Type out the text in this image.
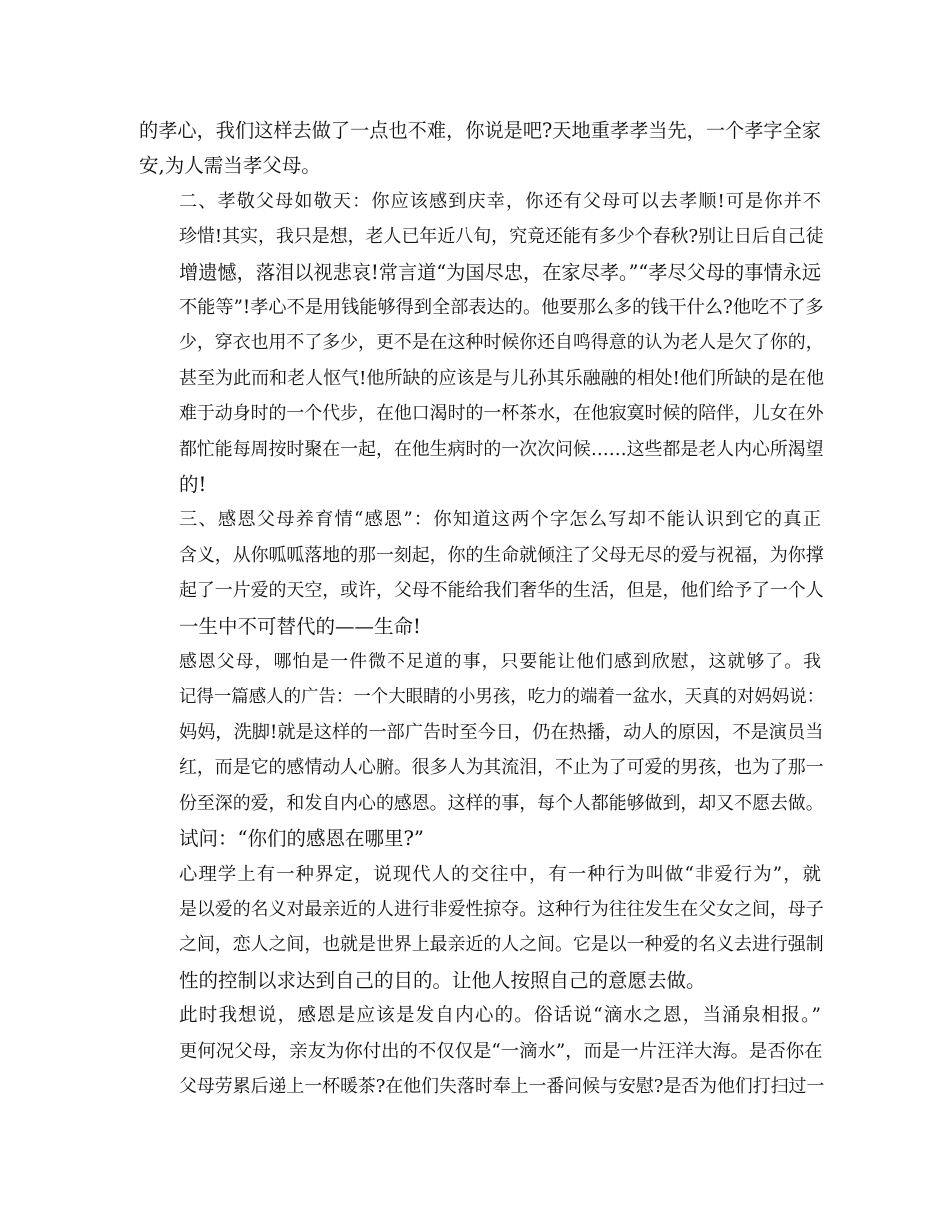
的孝心，我们这样去做了一点也不难，你说是吧?天地重孝孝当先，一个孝字全家
安,为人需当孝父母。

二、孝敬父母如敬天：你应该感到庆幸，你还有父母可以去孝顺!可是你并不
珍惜!其实，我只是想，老人已年近八旬，究竟还能有多少个春秋?别让日后自己徒
增遗憾，落泪以视悲哀!常言道“为国尽忠，在家尽孝。”“孝尽父母的事情永远
不能等”!孝心不是用钱能够得到全部表达的。他要那么多的钱干什么?他吃不了多
少，穿衣也用不了多少，更不是在这种时候你还自鸣得意的认为老人是欠了你的，
甚至为此而和老人怄气!他所缺的应该是与儿孙其乐融融的相处!他们所缺的是在他
难于动身时的一个代步，在他口渴时的一杯茶水，在他寂寞时候的陪伴，儿女在外
都忙能每周按时聚在一起，在他生病时的一次次问候……这些都是老人内心所渴望
的!

三、感恩父母养育情“感恩”：你知道这两个字怎么写却不能认识到它的真正
含义，从你呱呱落地的那一刻起，你的生命就倾注了父母无尽的爱与祝福，为你撑
起了一片爱的天空，或许，父母不能给我们奢华的生活，但是，他们给予了一个人
一生中不可替代的——生命!

感恩父母，哪怕是一件微不足道的事，只要能让他们感到欣慰，这就够了。我
记得一篇感人的广告：一个大眼睛的小男孩，吃力的端着一盆水，天真的对妈妈说：
妈妈，洗脚!就是这样的一部广告时至今日，仍在热播，动人的原因，不是演员当
红，而是它的感情动人心腑。很多人为其流泪，不止为了可爱的男孩，也为了那一
份至深的爱，和发自内心的感恩。这样的事，每个人都能够做到，却又不愿去做。
试问：“你们的感恩在哪里?”

心理学上有一种界定，说现代人的交往中，有一种行为叫做“非爱行为”，就
是以爱的名义对最亲近的人进行非爱性掠夺。这种行为往往发生在父女之间，母子
之间，恋人之间，也就是世界上最亲近的人之间。它是以一种爱的名义去进行强制
性的控制以求达到自己的目的。让他人按照自己的意愿去做。

此时我想说，感恩是应该是发自内心的。俗话说“滴水之恩，当涌泉相报。”
更何况父母，亲友为你付出的不仅仅是“一滴水”，而是一片汪洋大海。是否你在
父母劳累后递上一杯暖茶?在他们失落时奉上一番问候与安慰?是否为他们打扫过一
